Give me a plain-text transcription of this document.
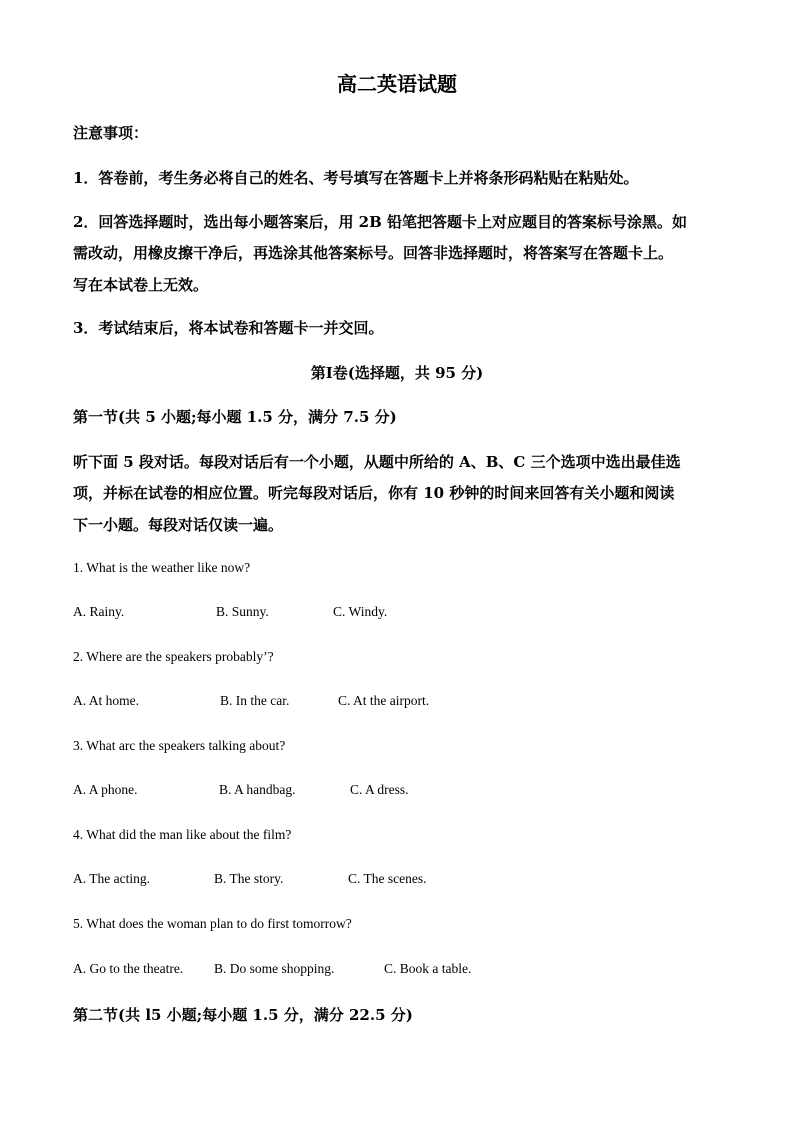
高二英语试题
注意事项：
1．答卷前，考生务必将自己的姓名、考号填写在答题卡上并将条形码粘贴在粘贴处。
2．回答选择题时，选出每小题答案后，用 2B 铅笔把答题卡上对应题目的答案标号涂黑。如
需改动，用橡皮擦干净后，再选涂其他答案标号。回答非选择题时，将答案写在答题卡上。
写在本试卷上无效。
3．考试结束后，将本试卷和答题卡一并交回。
第Ⅰ卷(选择题，共 95 分)
第一节(共 5 小题;每小题 1.5 分，满分 7.5 分)
听下面 5 段对话。每段对话后有一个小题，从题中所给的 A、B、C 三个选项中选出最佳选
项，并标在试卷的相应位置。听完每段对话后，你有 10 秒钟的时间来回答有关小题和阅读
下一小题。每段对话仅读一遍。
1. What is the weather like now?
A. Rainy.	B. Sunny.	C. Windy.
2. Where are the speakers probably’?
A. At home.	B. In the car.	C. At the airport.
3. What arc the speakers talking about?
A. A phone.	B. A handbag.	C. A dress.
4. What did the man like about the film?
A. The acting.	B. The story.	C. The scenes.
5. What does the woman plan to do first tomorrow?
A. Go to the theatre. B. Do some shopping.	C. Book a table.
第二节(共 l5 小题;每小题 1.5 分，满分 22.5 分)
